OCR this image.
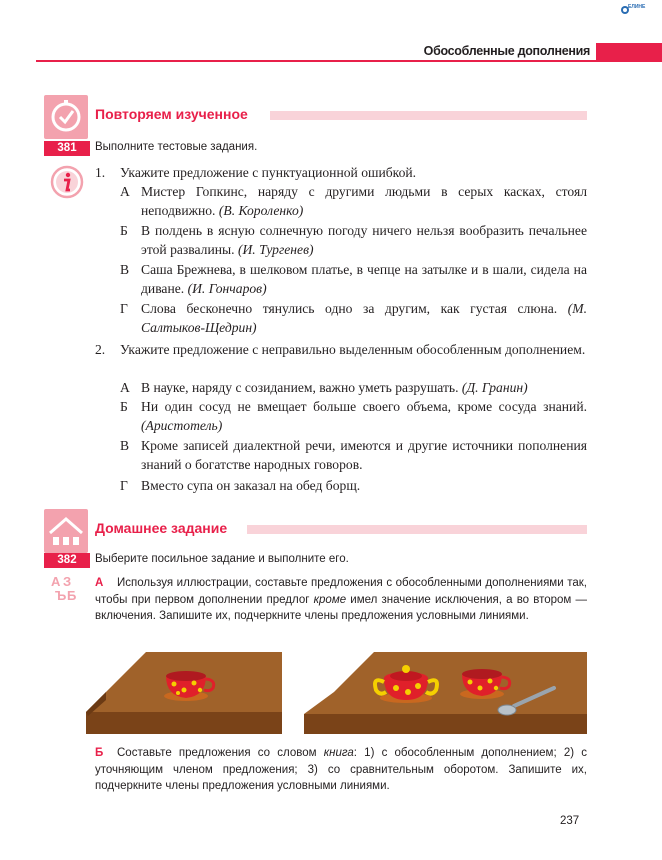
ЕЛИНЕ
Обособленные дополнения
Повторяем изученное
381	Выполните тестовые задания.
1. Укажите предложение с пунктуационной ошибкой.
А Мистер Гопкинс, наряду с другими людьми в серых касках, стоял неподвижно. (В. Короленко)
Б В полдень в ясную солнечную погоду ничего нельзя вообразить печальнее этой развалины. (И. Тургенев)
В Саша Брежнева, в шелковом платье, в чепце на затылке и в шали, сидела на диване. (И. Гончаров)
Г Слова бесконечно тянулись одно за другим, как густая слюна. (М. Салтыков-Щедрин)
2. Укажите предложение с неправильно выделенным обособленным дополнением.
А В науке, наряду с созиданием, важно уметь разрушать. (Д. Гранин)
Б Ни один сосуд не вмещает больше своего объема, кроме сосуда знаний. (Аристотель)
В Кроме записей диалектной речи, имеются и другие источники пополнения знаний о богатстве народных говоров.
Г Вместо супа он заказал на обед борщ.
Домашнее задание
382	Выберите посильное задание и выполните его.
А З
Ъ Б
А Используя иллюстрации, составьте предложения с обособленными дополнениями так, чтобы при первом дополнении предлог кроме имел значение исключения, а во втором — включения. Запишите их, подчеркните члены предложения условными линиями.
Б Составьте предложения со словом книга: 1) с обособленным дополнением; 2) с уточняющим членом предложения; 3) со сравнительным оборотом. Запишите их, подчеркните члены предложения условными линиями.
237
